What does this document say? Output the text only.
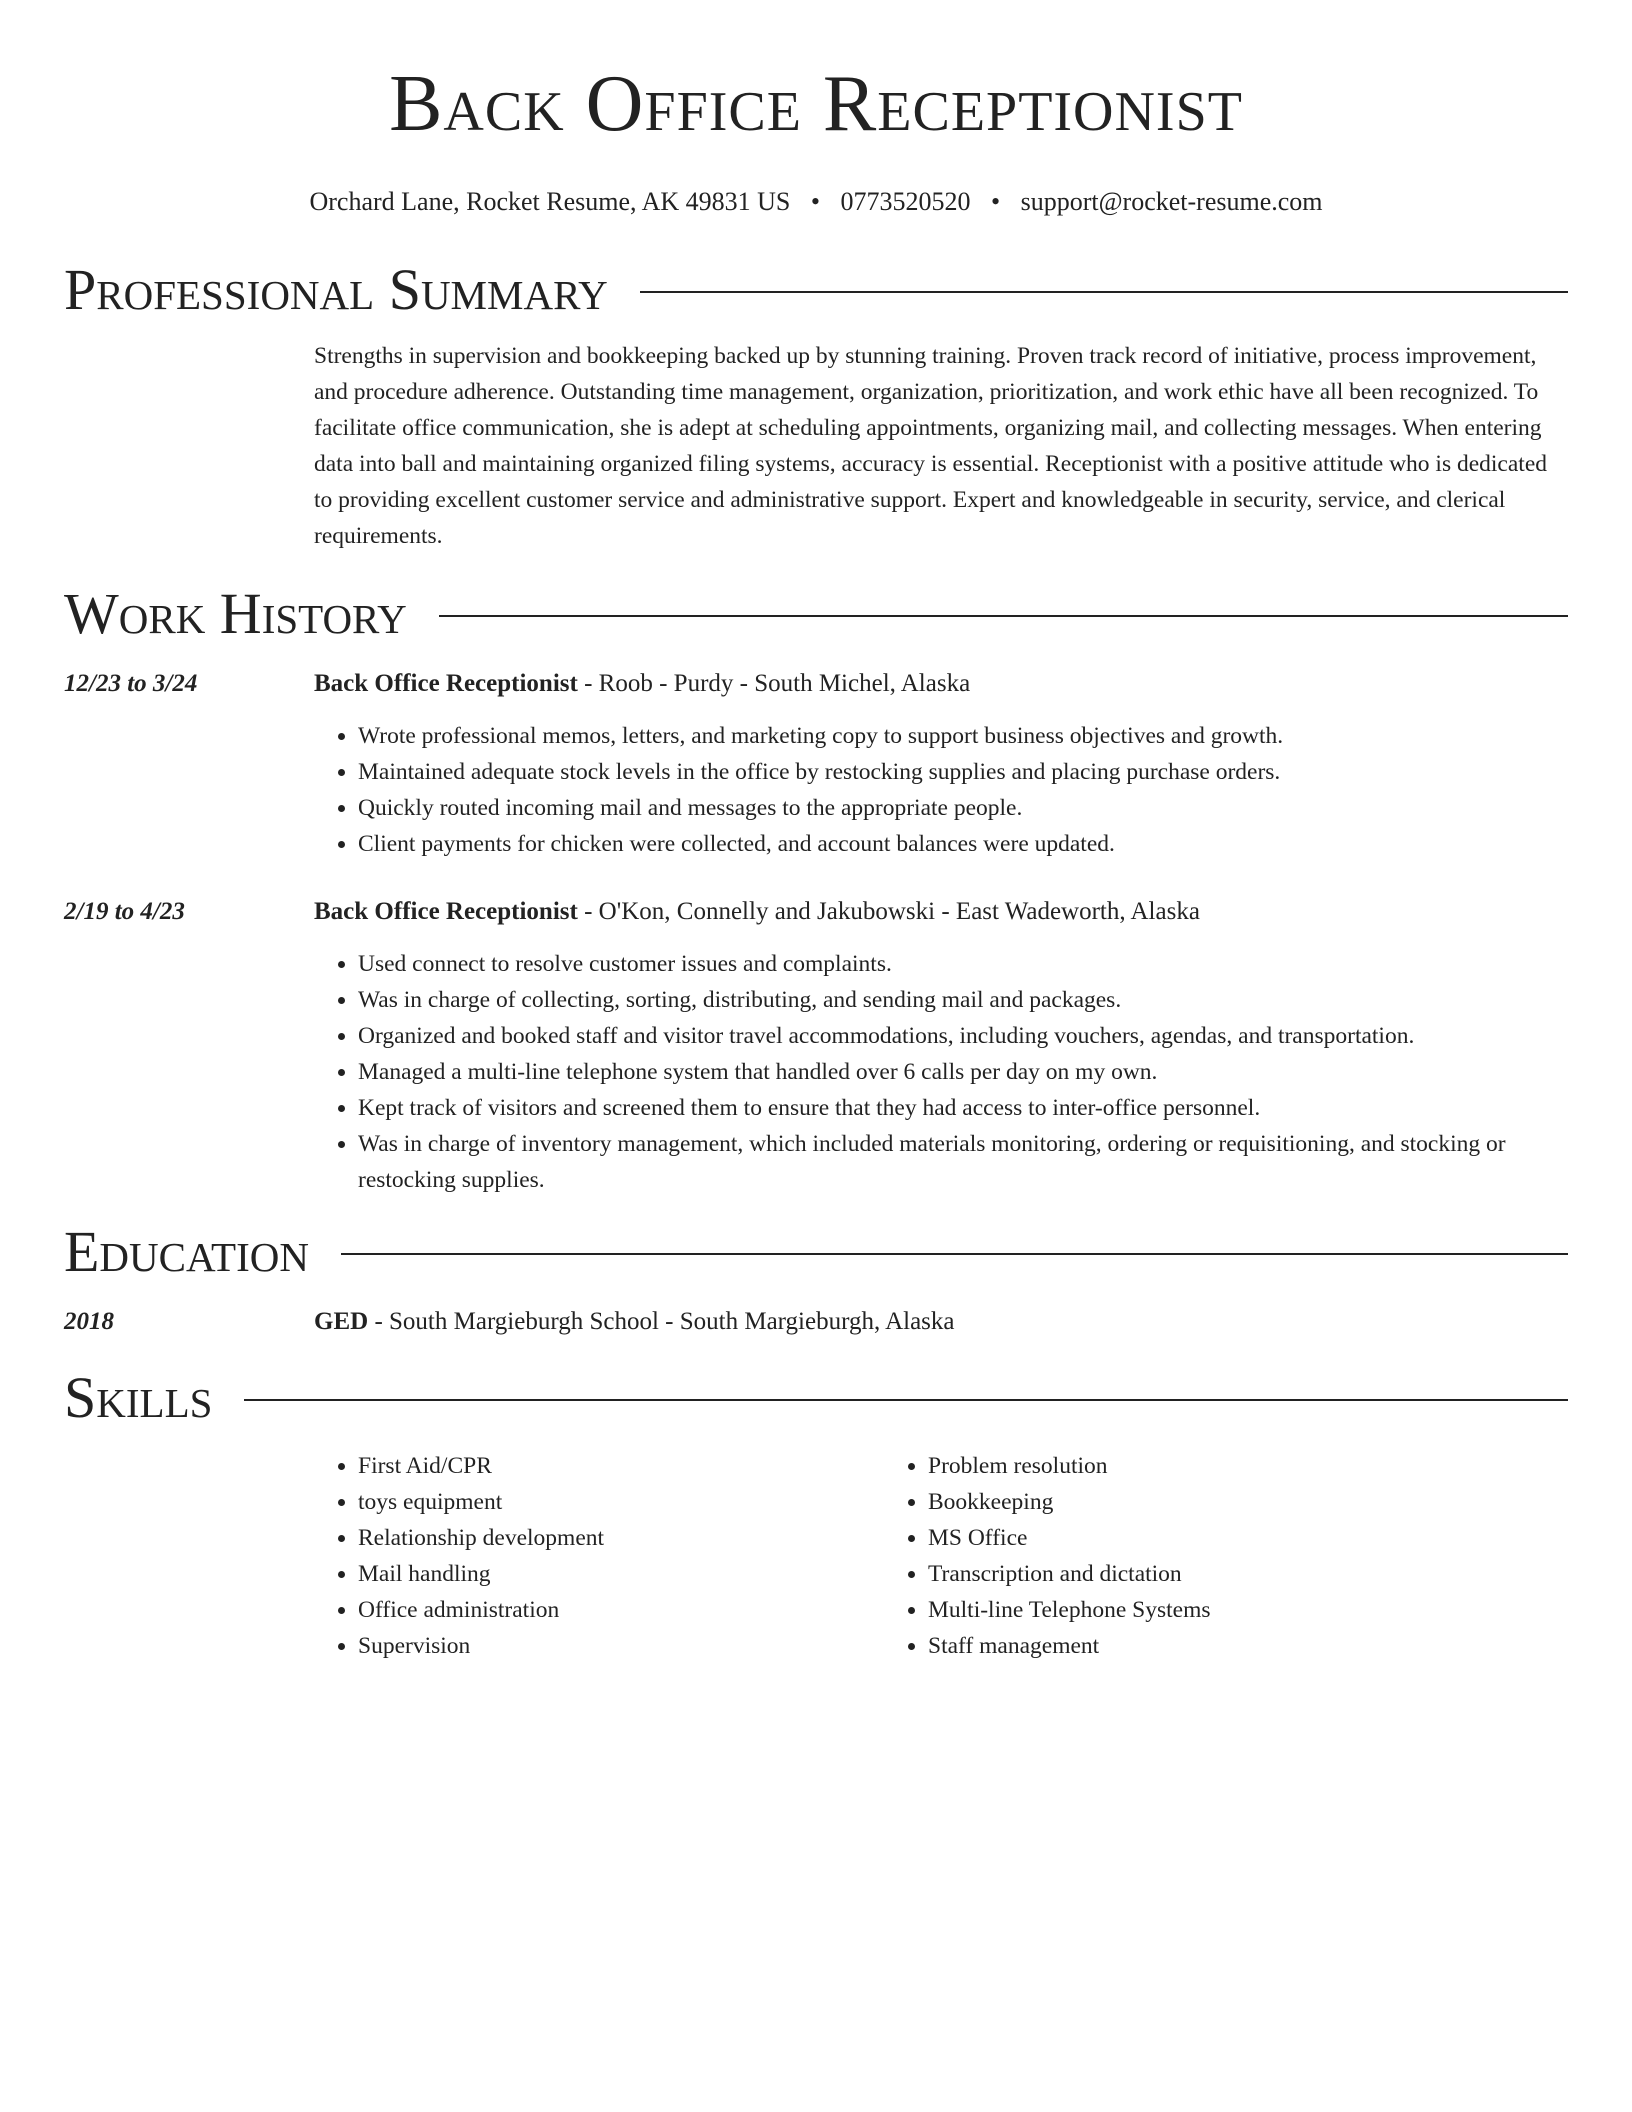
Back Office Receptionist
Orchard Lane, Rocket Resume, AK 49831 US • 0773520520 • support@rocket-resume.com
Professional Summary
Strengths in supervision and bookkeeping backed up by stunning training. Proven track record of initiative, process improvement, and procedure adherence. Outstanding time management, organization, prioritization, and work ethic have all been recognized. To facilitate office communication, she is adept at scheduling appointments, organizing mail, and collecting messages. When entering data into ball and maintaining organized filing systems, accuracy is essential. Receptionist with a positive attitude who is dedicated to providing excellent customer service and administrative support. Expert and knowledgeable in security, service, and clerical requirements.
Work History
12/23 to 3/24	Back Office Receptionist - Roob - Purdy - South Michel, Alaska
• Wrote professional memos, letters, and marketing copy to support business objectives and growth.
• Maintained adequate stock levels in the office by restocking supplies and placing purchase orders.
• Quickly routed incoming mail and messages to the appropriate people.
• Client payments for chicken were collected, and account balances were updated.
2/19 to 4/23	Back Office Receptionist - O'Kon, Connelly and Jakubowski - East Wadeworth, Alaska
• Used connect to resolve customer issues and complaints.
• Was in charge of collecting, sorting, distributing, and sending mail and packages.
• Organized and booked staff and visitor travel accommodations, including vouchers, agendas, and transportation.
• Managed a multi-line telephone system that handled over 6 calls per day on my own.
• Kept track of visitors and screened them to ensure that they had access to inter-office personnel.
• Was in charge of inventory management, which included materials monitoring, ordering or requisitioning, and stocking or restocking supplies.
Education
2018	GED - South Margieburgh School - South Margieburgh, Alaska
Skills
• First Aid/CPR
• toys equipment
• Relationship development
• Mail handling
• Office administration
• Supervision
• Problem resolution
• Bookkeeping
• MS Office
• Transcription and dictation
• Multi-line Telephone Systems
• Staff management
